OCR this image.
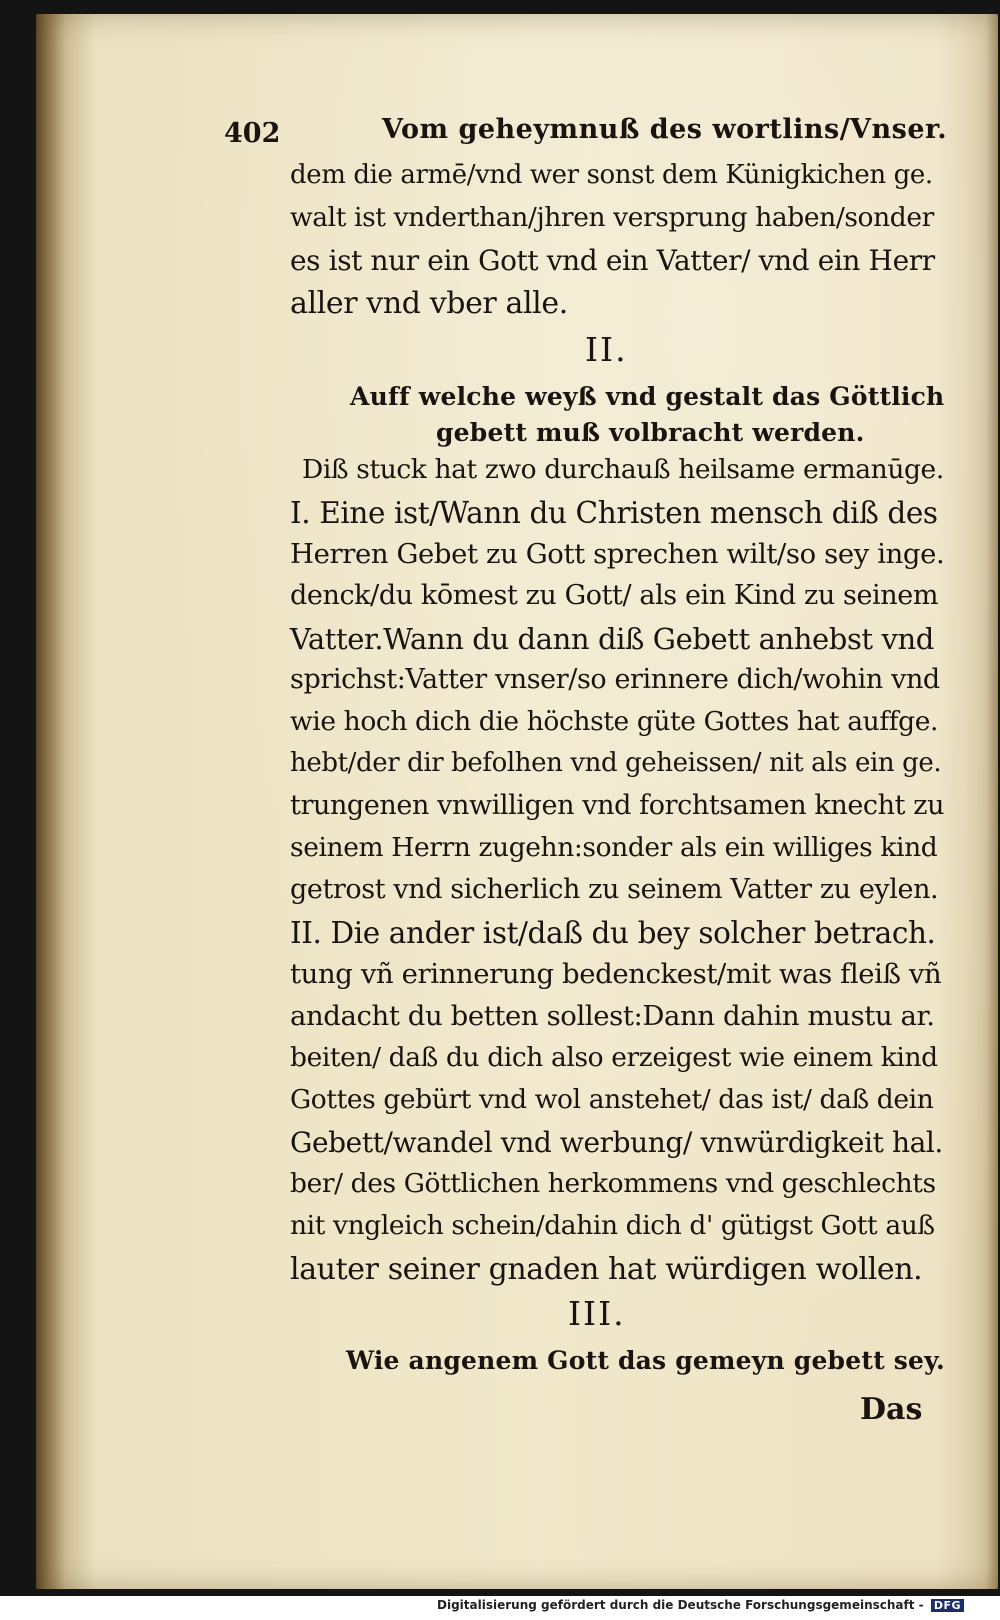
402	Vom geheymnuß des wortlins/Vnser.
dem die armē/vnd wer sonst dem Künigkichen ge.
walt ist vnderthan/jhren versprung haben/sonder
es ist nur ein Gott vnd ein Vatter/ vnd ein Herr
aller vnd vber alle.
II.
Auff welche weyß vnd gestalt das Göttlich
gebett muß volbracht werden.
Diß stuck hat zwo durchauß heilsame ermanūge.
I. Eine ist/Wann du Christen mensch diß des
Herren Gebet zu Gott sprechen wilt/so sey inge.
denck/du kōmest zu Gott/ als ein Kind zu seinem
Vatter.Wann du dann diß Gebett anhebst vnd
sprichst:Vatter vnser/so erinnere dich/wohin vnd
wie hoch dich die höchste güte Gottes hat auffge.
hebt/der dir befolhen vnd geheissen/ nit als ein ge.
trungenen vnwilligen vnd forchtsamen knecht zu
seinem Herrn zugehn:sonder als ein williges kind
getrost vnd sicherlich zu seinem Vatter zu eylen.
II. Die ander ist/daß du bey solcher betrach.
tung vñ erinnerung bedenckest/mit was fleiß vñ
andacht du betten sollest:Dann dahin mustu ar.
beiten/ daß du dich also erzeigest wie einem kind
Gottes gebürt vnd wol anstehet/ das ist/ daß dein
Gebett/wandel vnd werbung/ vnwürdigkeit hal.
ber/ des Göttlichen herkommens vnd geschlechts
nit vngleich schein/dahin dich d' gütigst Gott auß
lauter seiner gnaden hat würdigen wollen.
III.
Wie angenem Gott das gemeyn gebett sey.
Das
Digitalisierung gefördert durch die Deutsche Forschungsgemeinschaft - DFG
